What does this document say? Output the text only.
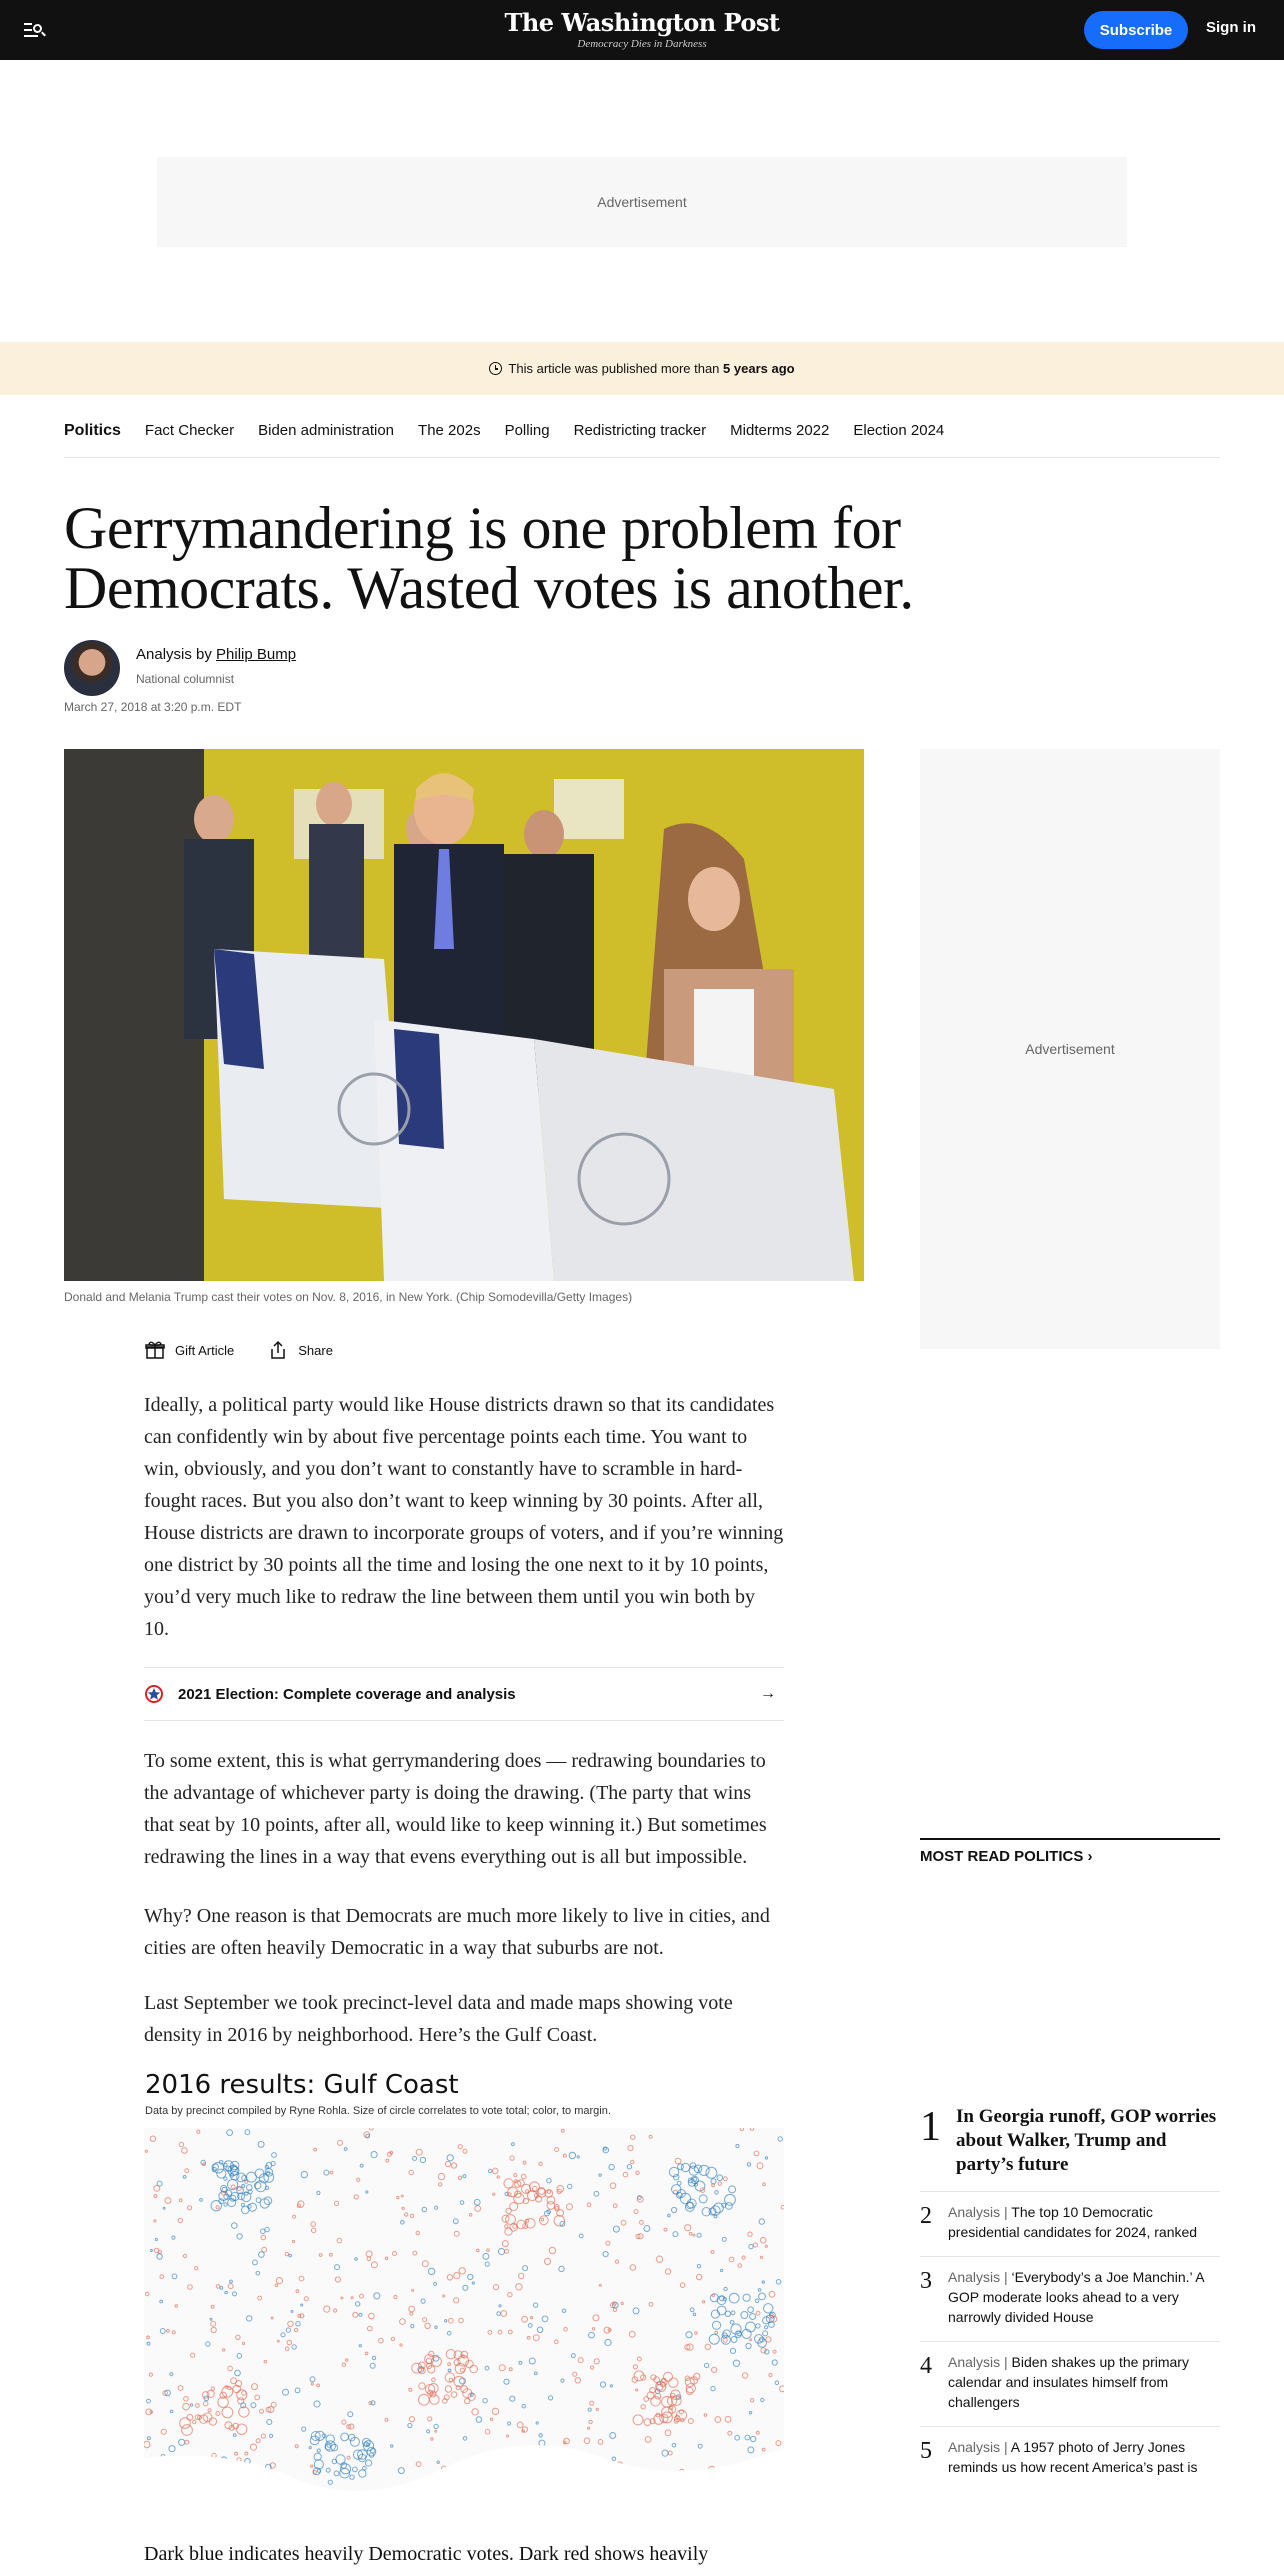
The Washington Post
Democracy Dies in Darkness
Subscribe	Sign in
Advertisement
This article was published more than 5 years ago
Politics Fact Checker Biden administration The 202s Polling Redistricting tracker Midterms 2022 Election 2024
Gerrymandering is one problem for Democrats. Wasted votes is another.
Analysis by Philip Bump
National columnist
March 27, 2018 at 3:20 p.m. EDT
Donald and Melania Trump cast their votes on Nov. 8, 2016, in New York. (Chip Somodevilla/Getty Images)
Advertisement
Gift Article	Share

Ideally, a political party would like House districts drawn so that its candidates can confidently win by about five percentage points each time. You want to win, obviously, and you don’t want to constantly have to scramble in hard-fought races. But you also don’t want to keep winning by 30 points. After all, House districts are drawn to incorporate groups of voters, and if you’re winning one district by 30 points all the time and losing the one next to it by 10 points, you’d very much like to redraw the line between them until you win both by 10.

2021 Election: Complete coverage and analysis	→

To some extent, this is what gerrymandering does — redrawing boundaries to the advantage of whichever party is doing the drawing. (The party that wins that seat by 10 points, after all, would like to keep winning it.) But sometimes redrawing the lines in a way that evens everything out is all but impossible.

Why? One reason is that Democrats are much more likely to live in cities, and cities are often heavily Democratic in a way that suburbs are not.

Last September we took precinct-level data and made maps showing vote density in 2016 by neighborhood. Here’s the Gulf Coast.

2016 results: Gulf Coast
Data by precinct compiled by Ryne Rohla. Size of circle correlates to vote total; color, to margin.
MOST READ POLITICS ›
1 In Georgia runoff, GOP worries about Walker, Trump and party’s future
2	Analysis | The top 10 Democratic presidential candidates for 2024, ranked
3	Analysis | ‘Everybody’s a Joe Manchin.’ A GOP moderate looks ahead to a very narrowly divided House
4	Analysis | Biden shakes up the primary calendar and insulates himself from challengers
5	Analysis | A 1957 photo of Jerry Jones reminds us how recent America’s past is

Dark blue indicates heavily Democratic votes. Dark red shows heavily
